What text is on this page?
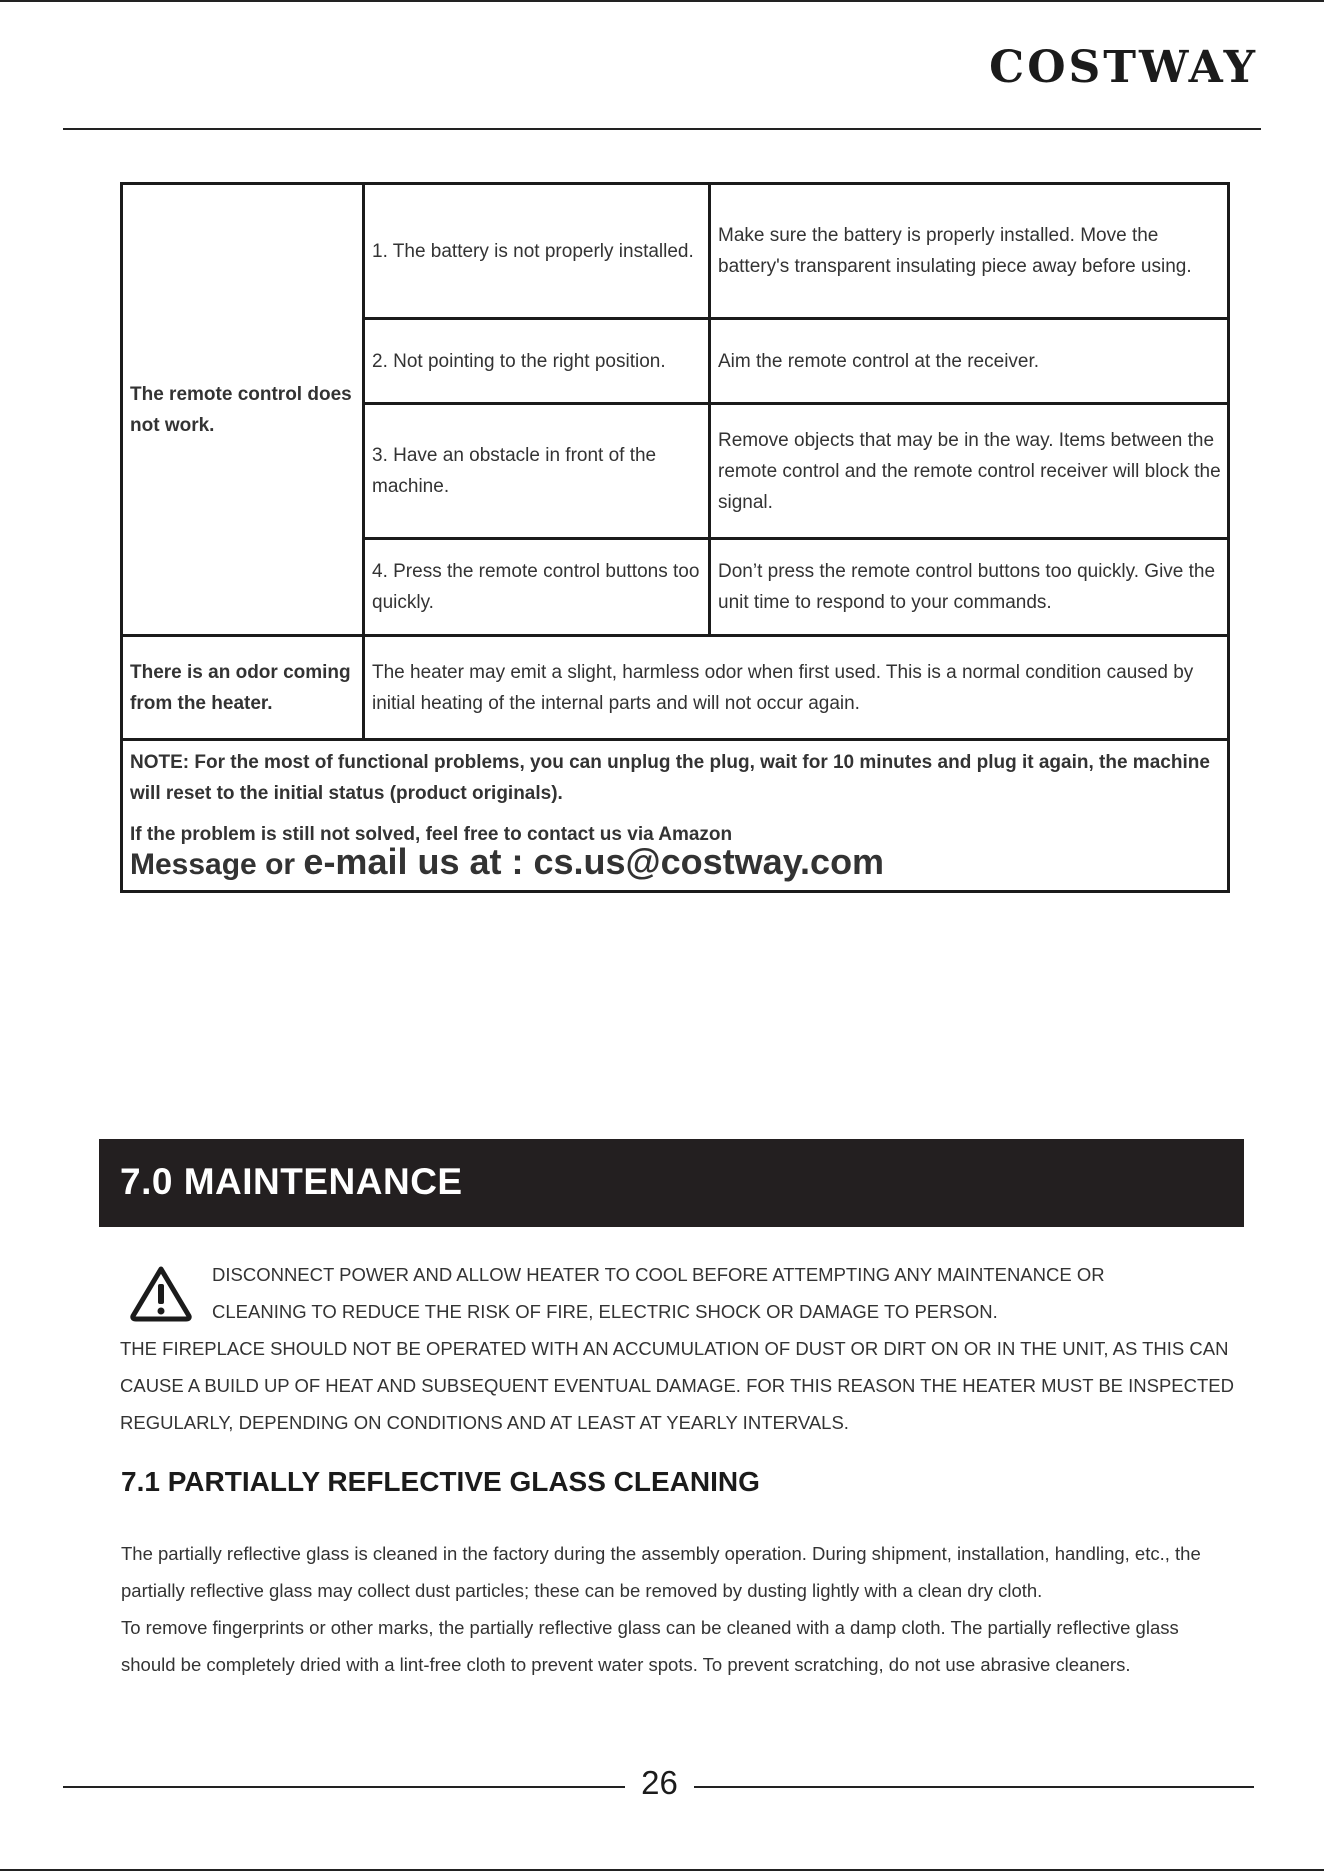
COSTWAY
The remote control does not work.	1. The battery is not properly installed.	Make sure the battery is properly installed. Move the battery's transparent insulating piece away before using.
	2. Not pointing to the right position.	Aim the remote control at the receiver.
	3. Have an obstacle in front of the machine.	Remove objects that may be in the way. Items between the remote control and the remote control receiver will block the signal.
	4. Press the remote control buttons too quickly.	Don’t press the remote control buttons too quickly. Give the unit time to respond to your commands.
There is an odor coming from the heater.	The heater may emit a slight, harmless odor when first used. This is a normal condition caused by initial heating of the internal parts and will not occur again.	

NOTE: For the most of functional problems, you can unplug the plug, wait for 10 minutes and plug it again, the machine will reset to the initial status (product originals).

If the problem is still not solved, feel free to contact us via Amazon

Message or e-mail us at : cs.us@costway.com		

7.0 MAINTENANCE
DISCONNECT POWER AND ALLOW HEATER TO COOL BEFORE ATTEMPTING ANY MAINTENANCE OR
CLEANING TO REDUCE THE RISK OF FIRE, ELECTRIC SHOCK OR DAMAGE TO PERSON.
THE FIREPLACE SHOULD NOT BE OPERATED WITH AN ACCUMULATION OF DUST OR DIRT ON OR IN THE UNIT, AS THIS CAN CAUSE A BUILD UP OF HEAT AND SUBSEQUENT EVENTUAL DAMAGE. FOR THIS REASON THE HEATER MUST BE INSPECTED REGULARLY, DEPENDING ON CONDITIONS AND AT LEAST AT YEARLY INTERVALS.
7.1 PARTIALLY REFLECTIVE GLASS CLEANING

The partially reflective glass is cleaned in the factory during the assembly operation. During shipment, installation, handling, etc., the partially reflective glass may collect dust particles; these can be removed by dusting lightly with a clean dry cloth.

To remove fingerprints or other marks, the partially reflective glass can be cleaned with a damp cloth. The partially reflective glass should be completely dried with a lint-free cloth to prevent water spots. To prevent scratching, do not use abrasive cleaners.

26
